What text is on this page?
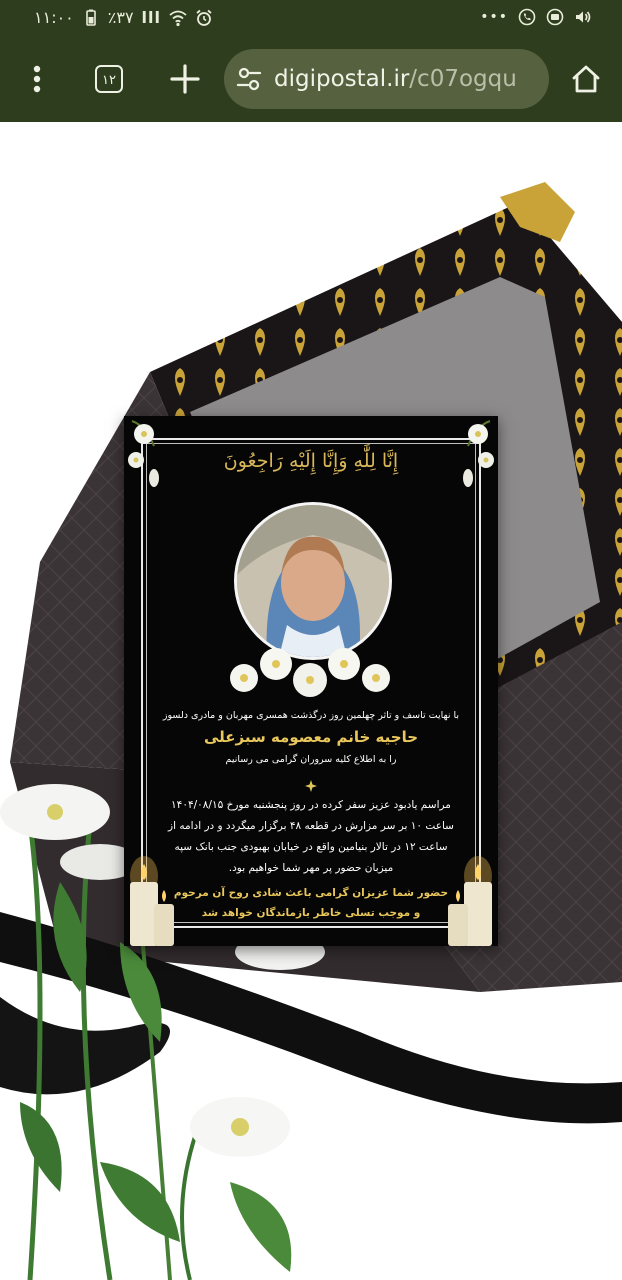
۱۱:۰۰ ٪۳۷ lll	•••
۱۲	digipostal.ir/c07ogqu
إِنَّا لِلَّٰهِ وَإِنَّا إِلَيْهِ رَاجِعُونَ
با نهایت تاسف و تاثر چهلمین روز درگذشت همسری مهربان و مادری دلسوز
حاجیه خانم معصومه سبزعلی
را به اطلاع کلیه سروران گرامی می رسانیم
مراسم یادبود عزیز سفر کرده در روز پنجشنبه مورخ ۱۴۰۴/۰۸/۱۵
ساعت ۱۰ بر سر مزارش در قطعه ۴۸ برگزار میگردد و در ادامه از
ساعت ۱۲ در تالار بنیامین واقع در خیابان بهبودی جنب بانک سپه
میزبان حضور پر مهر شما خواهیم بود.
حضور شما عزیزان گرامی باعث شادی روح آن مرحوم
و موجب تسلی خاطر بازماندگان خواهد شد
